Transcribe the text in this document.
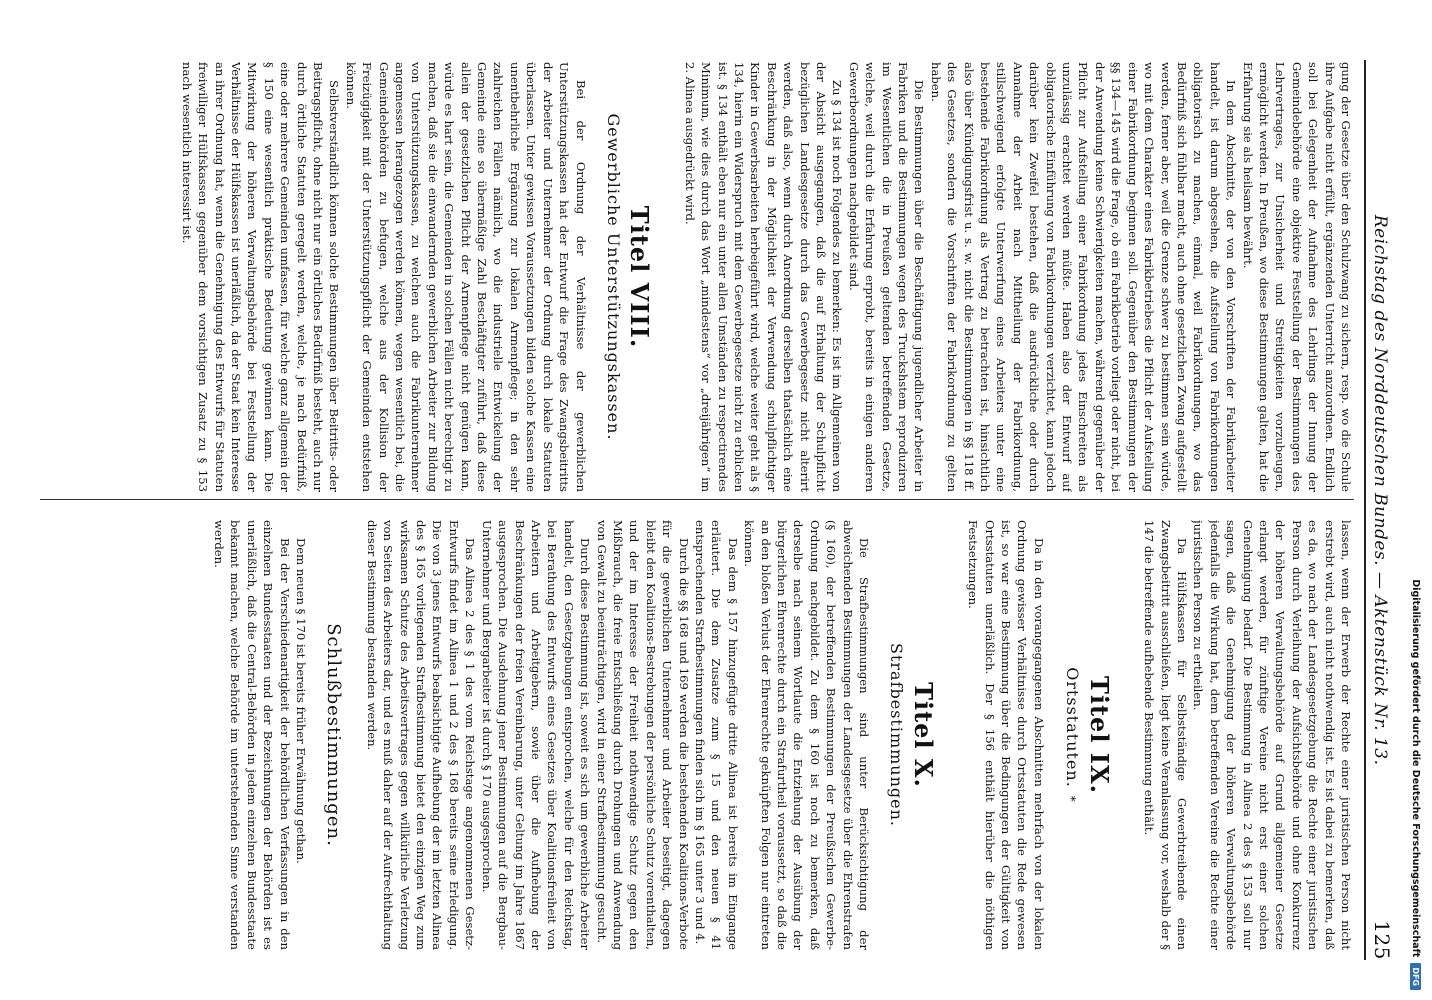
Reichstag des Norddeutschen Bundes. — Aktenstück Nr. 13.
125

gung der Gesetze über den Schulzwang zu sichern, resp. wo die Schule ihre Aufgabe nicht erfüllt, ergänzenden Unterricht anzuordnen. Endlich soll bei Gelegenheit der Aufnahme des Lehrlings der Innung der Gemeindebehörde eine objektive Feststellung der Bestimmungen des Lehrvertrages, zur Unsicherheit und Streitigkeiten vorzubeugen, ermöglicht werden. In Preußen, wo diese Bestimmungen galten, hat die Erfahrung sie als heilsam bewährt.

In dem Abschnitte, der von den Vorschriften der Fabrikarbeiter handelt, ist darum abgesehen, die Aufstellung von Fabrikordnungen obligatorisch zu machen, einmal, weil Fabrikordnungen, wo das Bedürfniß sich fühlbar macht, auch ohne gesetzlichen Zwang aufgestellt werden, ferner aber, weil die Grenze schwer zu bestimmen sein würde, wo mit dem Charakter eines Fabrikbetriebes die Pflicht der Aufstellung einer Fabrikordnung beginnen soll. Gegenüber den Bestimmungen der §§ 134—145 wird die Frage, ob ein Fabrikbetrieb vorliegt oder nicht, bei der Anwendung keine Schwierigkeiten machen, während gegenüber der Pflicht zur Aufstellung einer Fabrikordnung jedes Einschreiten als unzulässig erachtet werden müßte. Haben also der Entwurf auf obligatorische Einführung von Fabrikordnungen verzichtet, kann jedoch darüber kein Zweifel bestehen, daß die ausdrückliche oder durch Annahme der Arbeit nach Mittheilung der Fabrikordnung, stillschweigend erfolgte Unterwerfung eines Arbeiters unter eine bestehende Fabrikordnung als Vertrag zu betrachten ist, hinsichtlich also über Kündigungsfrist u. s. w. nicht die Bestimmungen in §§ 118 ff. des Gesetzes, sondern die Vorschriften der Fabrikordnung zu gelten haben.

Die Bestimmungen über die Beschäftigung jugendlicher Arbeiter in Fabriken und die Bestimmungen wegen des Truckshstem reproduziren im Wesentlichen die in Preußen geltenden betreffenden Gesetze, welche, weil durch die Erfahrung erprobt, bereits in einigen anderen Gewerbeordnungen nachgebildet sind.

Zu § 134 ist noch Folgendes zu bemerken: Es ist im Allgemeinen von der Absicht ausgegangen, daß die auf Erhaltung der Schulpflicht bezüglichen Landesgesetze durch das Gewerbegesetz nicht alterirt werden, daß also, wenn durch Anordnung derselben thatsächlich eine Beschränkung in der Möglichkeit der Verwendung schulpflichtiger Kinder in Gewerbsarbeiten herbeigeführt wird, welche weiter geht als § 134, hierin ein Widerspruch mit dem Gewerbegesetze nicht zu erblicken ist. § 134 enthält eben nur ein unter allen Umständen zu respectirendes Minimum, wie dies durch das Wort „mindestens“ vor „dreijährigen“ im 2. Alinea ausgedrückt wird.

Titel VIII.
Gewerbliche Unterstützungskassen.

Bei der Ordnung der Verhältnisse der gewerblichen Unterstützungskassen hat der Entwurf die Frage des Zwangsbeitritts der Arbeiter und Unternehmer der Ordnung durch lokale Statuten überlassen. Unter gewissen Voraussetzungen bilden solche Kassen eine unentbehrliche Ergänzung zur lokalen Armenpflege; in den sehr zahlreichen Fällen nämlich, wo die industrielle Entwickelung der Gemeinde eine so übermäßige Zahl Beschäftigter zuführt, daß diese allein der gesetzlichen Pflicht der Armenpflege nicht genügen kann, würde es hart sein, die Gemeinden in solchen Fällen nicht berechtigt zu machen, daß sie die einwandernden gewerblichen Arbeiter zur Bildung von Unterstützungskassen, zu welchen auch die Fabrikunternehmer angemessen herangezogen werden können, wegen wesentlich bei, die Gemeindebehörden zu befugen, welche aus der Kollision der Freizügigkeit mit der Unterstützungspflicht der Gemeinden entstehen können.

Selbstverständlich können solche Bestimmungen über Beitritts- oder Beitragspflicht, ohne nicht nur ein örtliches Bedürfniß besteht, auch nur durch örtliche Statuten geregelt werden, welche, je nach Bedürfniß, eine oder mehrere Gemeinden umfassen, für welche ganz allgemein der § 150 eine wesentlich praktische Bedeutung gewinnen kann. Die Mitwirkung der höheren Verwaltungsbehörde bei Feststellung der Verhältnisse der Hülfskassen ist unerläßlich, da der Staat kein Interesse an ihrer Ordnung hat, wenn die Genehmigung des Entwurfs für Statuten freiwilliger Hülfskassen gegenüber dem vorsichtigen Zusatz zu § 153 nach wesentlich interessirt ist.

lassen, wenn der Erwerb der Rechte einer juristischen Person nicht erstrebt wird, auch nicht nothwendig ist. Es ist dabei zu bemerken, daß es da, wo nach der Landesgesetzgebung die Rechte einer juristischen Person durch Verleihung der Aufsichtsbehörde und ohne Konkurrenz der höheren Verwaltungsbehörde auf Grund allgemeiner Gesetze erlangt werden, für zünftige Vereine nicht erst einer solchen Genehmigung bedarf. Die Bestimmung in Alinea 2 des § 153 soll nur sagen, daß die Genehmigung der höheren Verwaltungsbehörde jedenfalls die Wirkung hat, dem betreffenden Vereine die Rechte einer juristischen Person zu ertheilen.

Da Hülfskassen für Selbstständige Gewerbtreibende einen Zwangsbeitritt ausschließen, liegt keine Veranlassung vor, weshalb der § 147 die betreffende aufhebende Bestimmung enthält.

Titel IX.
Ortsstatuten.*

Da in den vorangegangenen Abschnitten mehrfach von der lokalen Ordnung gewisser Verhältnisse durch Ortsstatuten die Rede gewesen ist, so war eine Bestimmung über die Bedingungen der Gültigkeit von Ortsstatuten unerläßlich. Der § 156 enthält hierüber die nöthigen Festsetzungen.

Titel X.
Strafbestimmungen.

Die Strafbestimmungen sind unter Berücksichtigung der abweichenden Bestimmungen der Landesgesetze über die Ehrenstrafen (§ 160), der betreffenden Bestimmungen der Preußischen Gewerbe-Ordnung nachgebildet. Zu dem § 160 ist noch zu bemerken, daß derselbe nach seinem Wortlaute die Entziehung der Ausübung der bürgerlichen Ehrenrechte durch ein Strafurtheil voraussetzt, so daß die an den bloßen Verlust der Ehrenrechte geknüpften Folgen nur eintreten können.

Das dem § 157 hinzugefügte dritte Alinea ist bereits im Eingange erläutert. Die dem Zusatze zum § 15 und den neuen § 41 entsprechenden Strafbestimmungen finden sich im § 165 unter 3 und 4.

Durch die §§ 168 und 169 werden die bestehenden Koalitions-Verbote für die gewerblichen Unternehmer und Arbeiter beseitigt, dagegen bleibt den Koalitions-Bestrebungen der persönliche Schutz vorenthalten, und der im Interesse der Freiheit nothwendige Schutz gegen den Mißbrauch, die freie Entschließung durch Drohungen und Anwendung von Gewalt zu beeinträchtigen, wird in einer Strafbestimmung gesucht.

Durch diese Bestimmung ist, soweit es sich um gewerbliche Arbeiter handelt, den Gesetzgebungen entsprochen, welche für den Reichstag, bei Berathung des Entwurfs eines Gesetzes über Koalitionsfreiheit von Arbeitern und Arbeitgebern, sowie über die Aufhebung der Beschränkungen der freien Vereinbarung, unter Geltung im Jahre 1867 ausgesprochen. Die Ausdehnung jener Bestimmungen auf die Bergbau-Unternehmer und Bergarbeiter ist durch § 170 ausgesprochen.

Das Alinea 2 des § 1 des vom Reichstage angenommenen Gesetz-Entwurfs findet im Alinea 1 und 2 des § 168 bereits seine Erledigung. Die von 3 jenes Entwurfs beabsichtigte Aufhebung der im letzten Alinea des § 165 vorliegenden Strafbestimmung bietet den einzigen Weg zum wirksamen Schutze des Arbeitsvertrages gegen willkürliche Verletzung von Seiten des Arbeiters dar, und es muß daher auf der Aufrechthaltung dieser Bestimmung bestanden werden.

Schlußbestimmungen.

Dem neuen § 170 ist bereits früher Erwähnung gethan.

Bei der Verschiedenartigkeit der behördlichen Verfassungen in den einzelnen Bundesstaaten und der Bezeichnungen der Behörden ist es unerläßlich, daß die Central-Behörden in jedem einzelnen Bundesstaate bekannt machen, welche Behörde im unterstehenden Sinne verstanden werden.

Digitalisierung gefördert durch die Deutsche Forschungsgemeinschaft
DFG
